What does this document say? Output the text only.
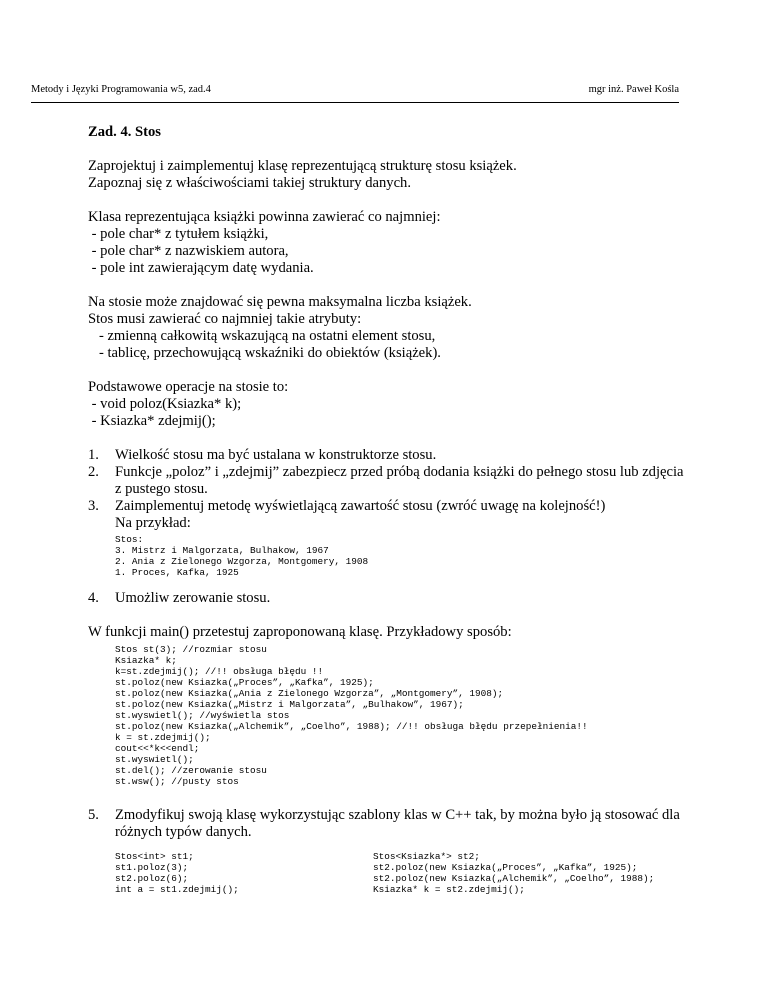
Metody i Języki Programowania w5, zad.4	mgr inż. Paweł Kośla
Zad. 4. Stos

Zaprojektuj i zaimplementuj klasę reprezentującą strukturę stosu książek.
Zapoznaj się z właściwościami takiej struktury danych.

Klasa reprezentująca książki powinna zawierać co najmniej:
- pole char* z tytułem książki,
- pole char* z nazwiskiem autora,
- pole int zawierającym datę wydania.

Na stosie może znajdować się pewna maksymalna liczba książek.
Stos musi zawierać co najmniej takie atrybuty:
- zmienną całkowitą wskazującą na ostatni element stosu,
- tablicę, przechowującą wskaźniki do obiektów (książek).

Podstawowe operacje na stosie to:
- void poloz(Ksiazka* k);
- Ksiazka* zdejmij();

1. Wielkość stosu ma być ustalana w konstruktorze stosu.
2. Funkcje „poloz” i „zdejmij” zabezpiecz przed próbą dodania książki do pełnego stosu lub zdjęcia z pustego stosu.
3. Zaimplementuj metodę wyświetlającą zawartość stosu (zwróć uwagę na kolejność!)
Na przykład:
Stos:
3. Mistrz i Malgorzata, Bulhakow, 1967
2. Ania z Zielonego Wzgorza, Montgomery, 1908
1. Proces, Kafka, 1925
4. Umożliw zerowanie stosu.
W funkcji main() przetestuj zaproponowaną klasę. Przykładowy sposób:
Stos st(3); //rozmiar stosu
Ksiazka* k;
k=st.zdejmij(); //!! obsługa błędu !!
st.poloz(new Ksiazka(„Proces”, „Kafka”, 1925);
st.poloz(new Ksiazka(„Ania z Zielonego Wzgorza”, „Montgomery”, 1908);
st.poloz(new Ksiazka(„Mistrz i Malgorzata”, „Bulhakow”, 1967);
st.wyswietl(); //wyświetla stos
st.poloz(new Ksiazka(„Alchemik”, „Coelho”, 1988); //!! obsługa błędu przepełnienia!!
k = st.zdejmij();
cout<<*k<<endl;
st.wyswietl();
st.del(); //zerowanie stosu
st.wsw(); //pusty stos
5. Zmodyfikuj swoją klasę wykorzystując szablony klas w C++ tak, by można było ją stosować dla różnych typów danych.
Stos<int> st1;
st1.poloz(3);
st2.poloz(6);
int a = st1.zdejmij();
Stos<Ksiazka*> st2;
st2.poloz(new Ksiazka(„Proces”, „Kafka”, 1925);
st2.poloz(new Ksiazka(„Alchemik”, „Coelho”, 1988);
Ksiazka* k = st2.zdejmij();
